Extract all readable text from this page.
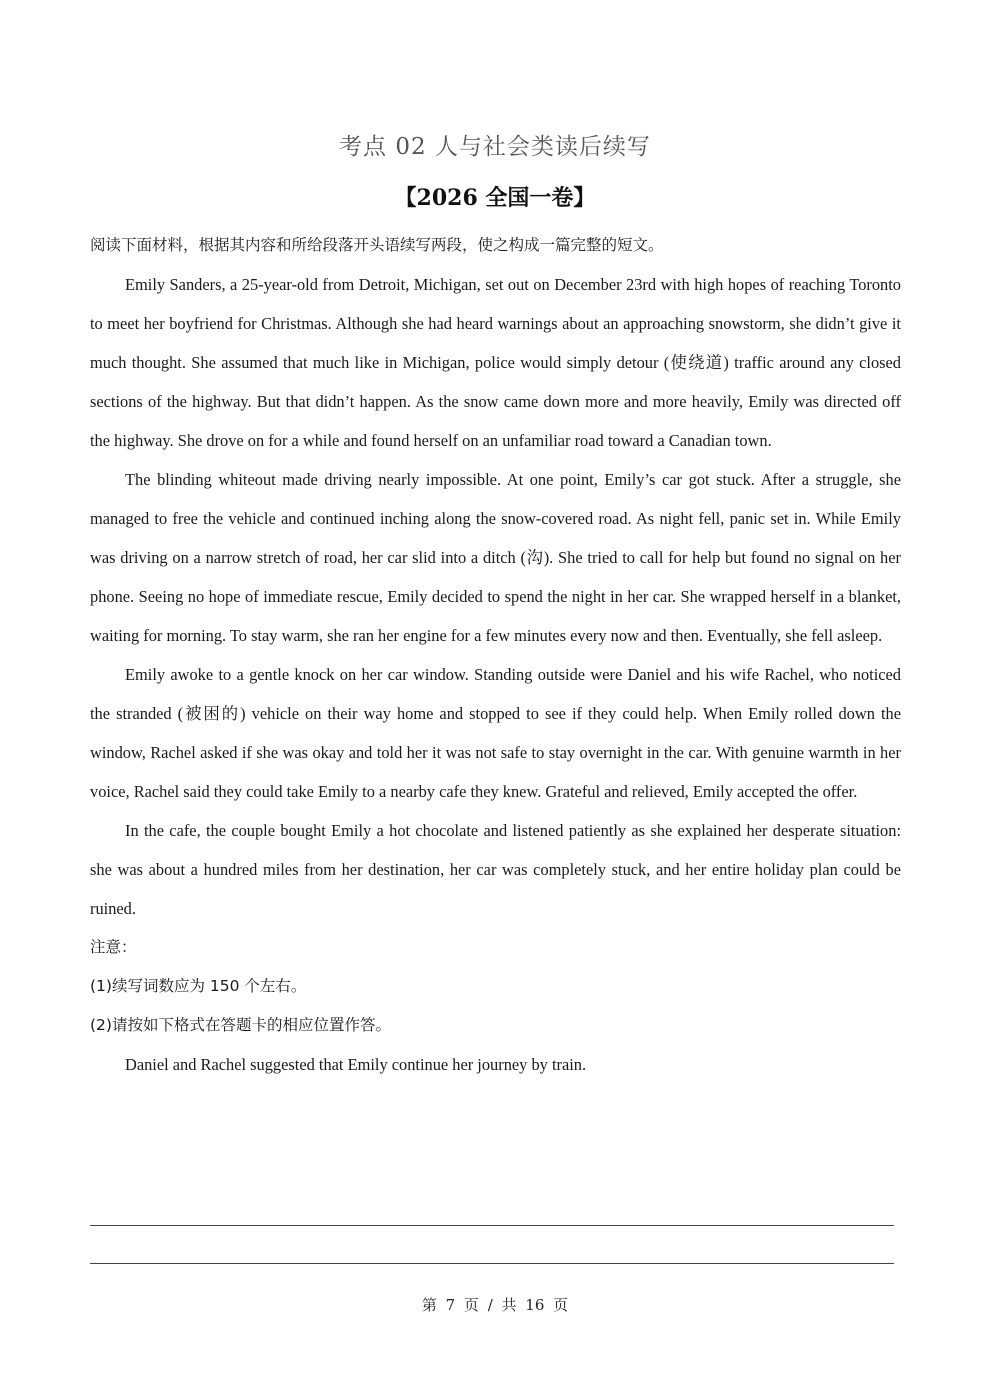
考点 02 人与社会类读后续写
【2026 全国一卷】

阅读下面材料，根据其内容和所给段落开头语续写两段，使之构成一篇完整的短文。

Emily Sanders, a 25-year-old from Detroit, Michigan, set out on December 23rd with high hopes of reaching Toronto to meet her boyfriend for Christmas. Although she had heard warnings about an approaching snowstorm, she didn’t give it much thought. She assumed that much like in Michigan, police would simply detour (使绕道) traffic around any closed sections of the highway. But that didn’t happen. As the snow came down more and more heavily, Emily was directed off the highway. She drove on for a while and found herself on an unfamiliar road toward a Canadian town.

The blinding whiteout made driving nearly impossible. At one point, Emily’s car got stuck. After a struggle, she managed to free the vehicle and continued inching along the snow-covered road. As night fell, panic set in. While Emily was driving on a narrow stretch of road, her car slid into a ditch (沟). She tried to call for help but found no signal on her phone. Seeing no hope of immediate rescue, Emily decided to spend the night in her car. She wrapped herself in a blanket, waiting for morning. To stay warm, she ran her engine for a few minutes every now and then. Eventually, she fell asleep.

Emily awoke to a gentle knock on her car window. Standing outside were Daniel and his wife Rachel, who noticed the stranded (被困的) vehicle on their way home and stopped to see if they could help. When Emily rolled down the window, Rachel asked if she was okay and told her it was not safe to stay overnight in the car. With genuine warmth in her voice, Rachel said they could take Emily to a nearby cafe they knew. Grateful and relieved, Emily accepted the offer.

In the cafe, the couple bought Emily a hot chocolate and listened patiently as she explained her desperate situation: she was about a hundred miles from her destination, her car was completely stuck, and her entire holiday plan could be ruined.

注意：

(1)续写词数应为 150 个左右。

(2)请按如下格式在答题卡的相应位置作答。

Daniel and Rachel suggested that Emily continue her journey by train.

第 7 页 / 共 16 页
